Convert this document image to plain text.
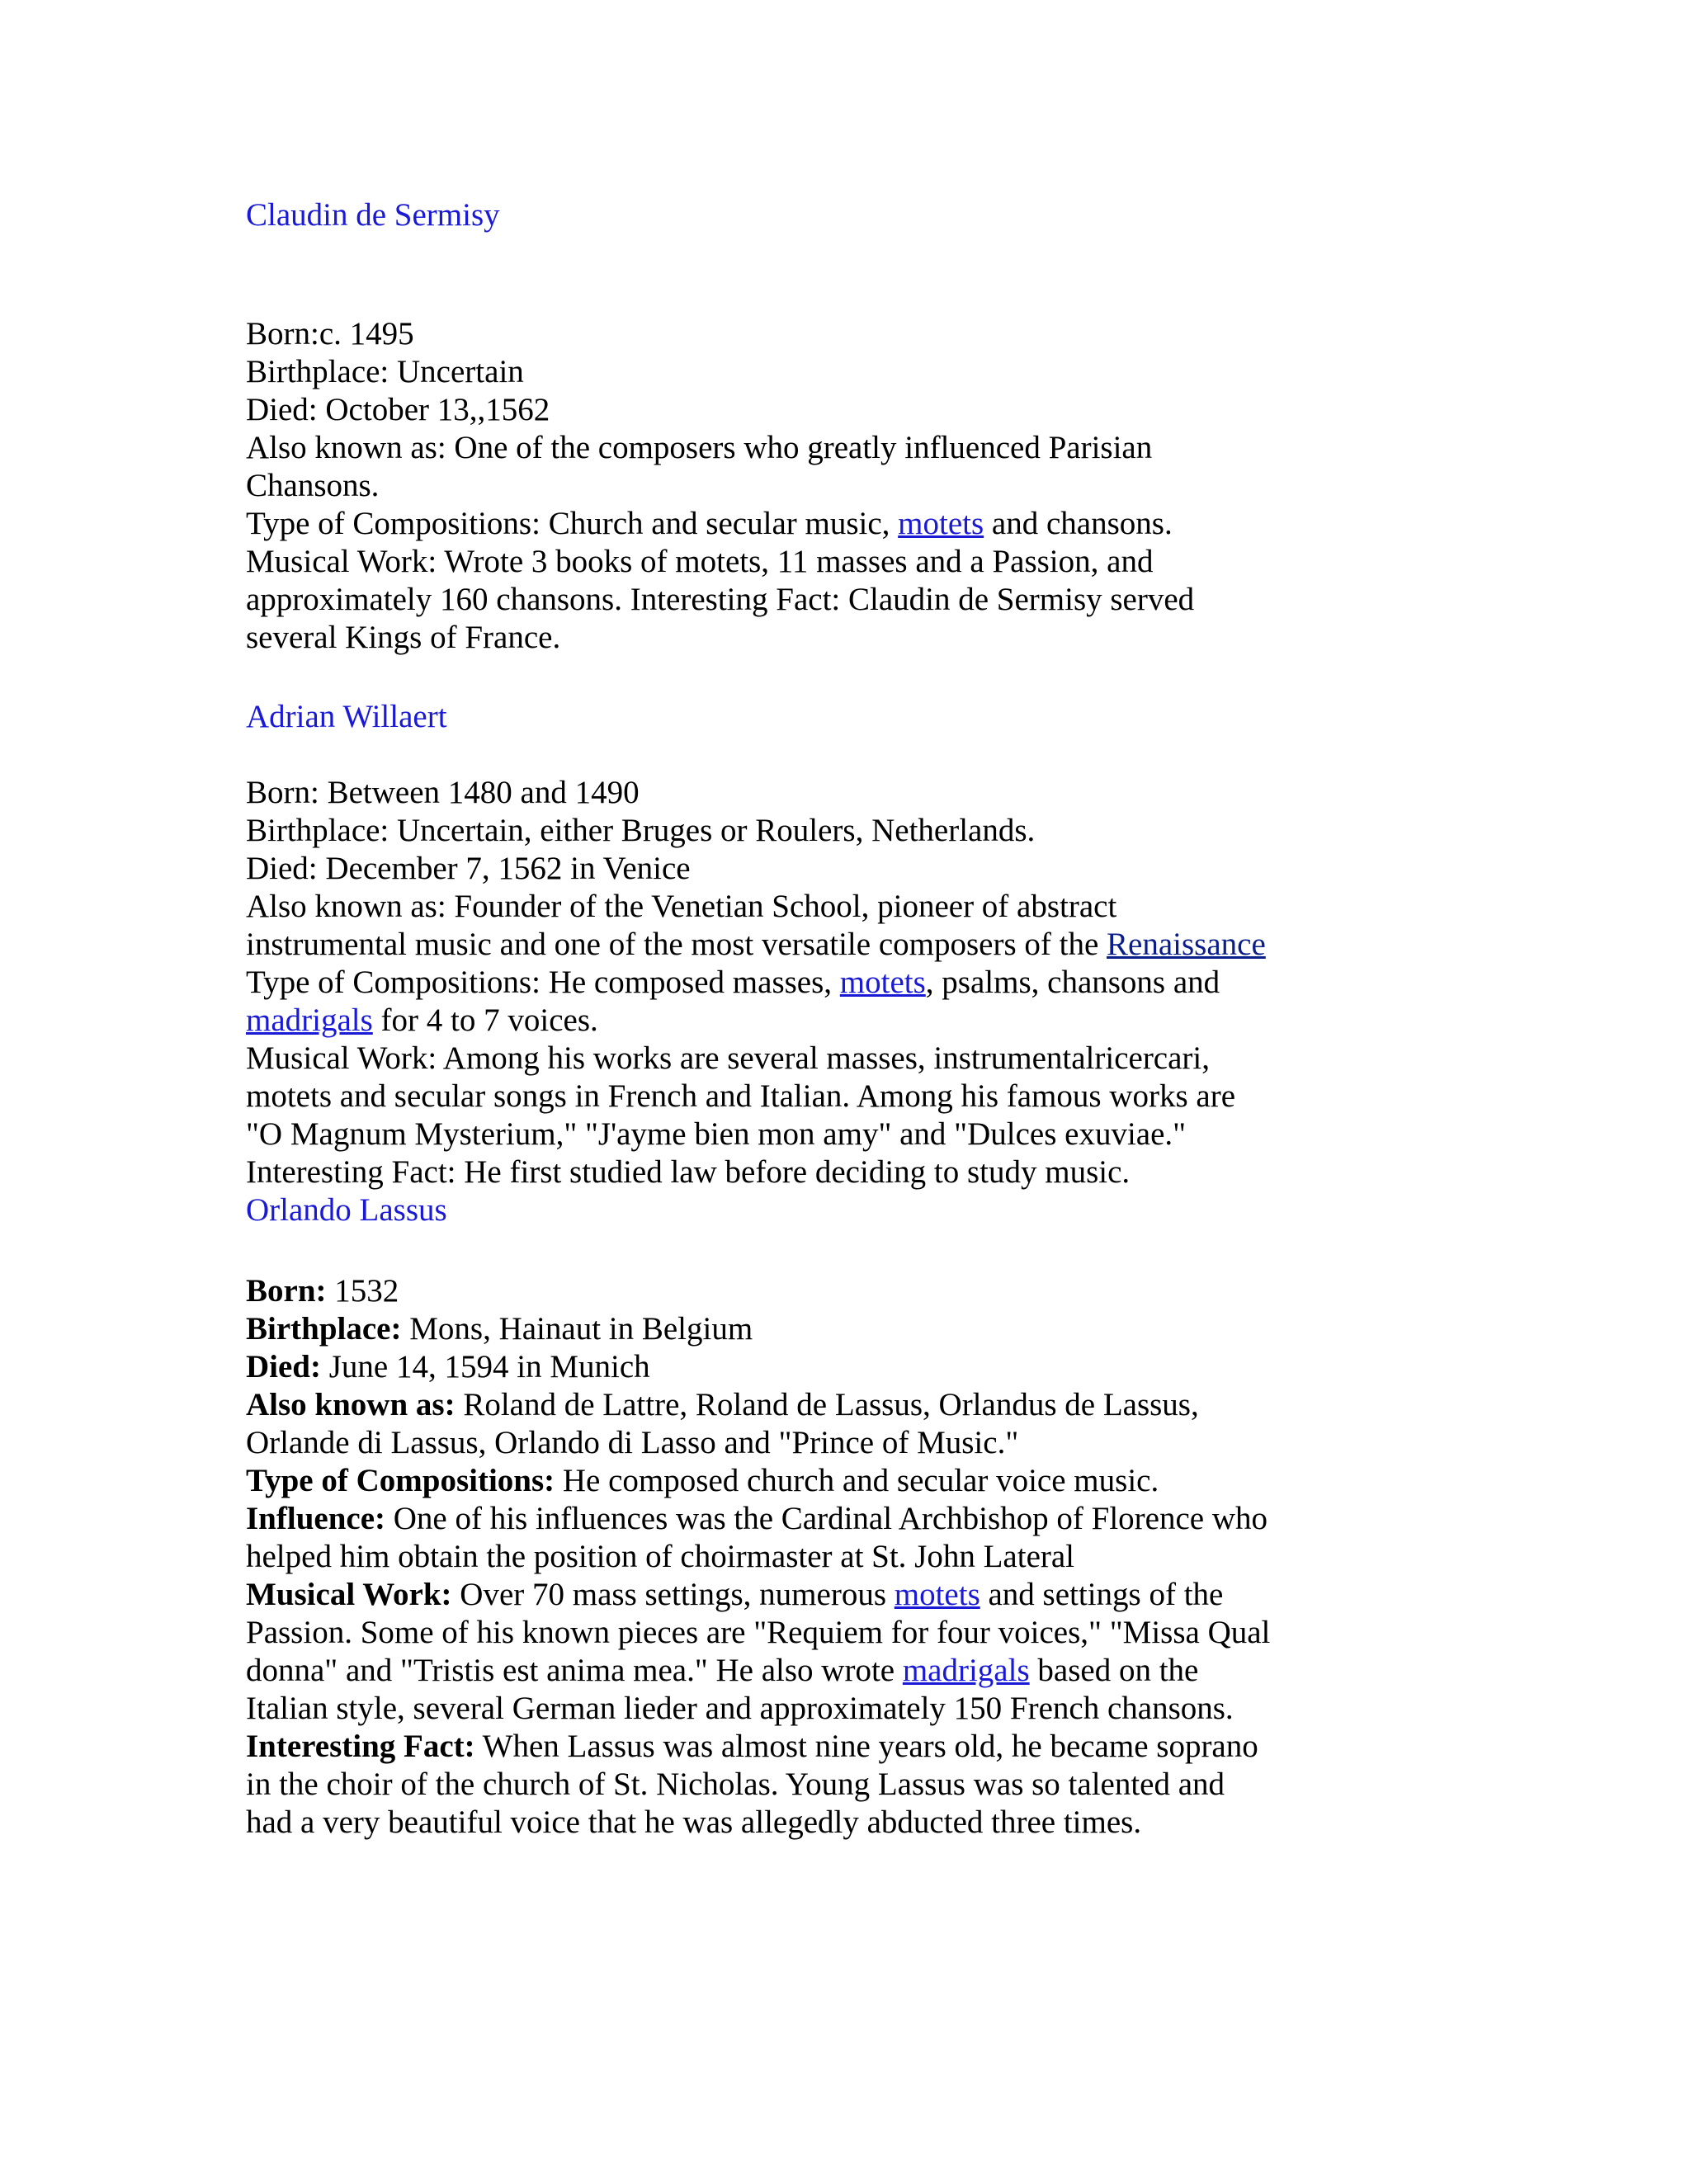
Claudin de Sermisy

Born:c. 1495

Birthplace: Uncertain

Died: October 13,,1562

Also known as: One of the composers who greatly influenced Parisian

Chansons.

Type of Compositions: Church and secular music, motets and chansons.

Musical Work: Wrote 3 books of motets, 11 masses and a Passion, and

approximately 160 chansons. Interesting Fact: Claudin de Sermisy served

several Kings of France.

Adrian Willaert

Born: Between 1480 and 1490

Birthplace: Uncertain, either Bruges or Roulers, Netherlands.

Died: December 7, 1562 in Venice

Also known as: Founder of the Venetian School, pioneer of abstract

instrumental music and one of the most versatile composers of the Renaissance

Type of Compositions: He composed masses, motets, psalms, chansons and

madrigals for 4 to 7 voices.

Musical Work: Among his works are several masses, instrumentalricercari,

motets and secular songs in French and Italian. Among his famous works are

"O Magnum Mysterium," "J'ayme bien mon amy" and "Dulces exuviae."

Interesting Fact: He first studied law before deciding to study music.

Orlando Lassus

Born: 1532

Birthplace: Mons, Hainaut in Belgium

Died: June 14, 1594 in Munich

Also known as: Roland de Lattre, Roland de Lassus, Orlandus de Lassus,

Orlande di Lassus, Orlando di Lasso and "Prince of Music."

Type of Compositions: He composed church and secular voice music.

Influence: One of his influences was the Cardinal Archbishop of Florence who

helped him obtain the position of choirmaster at St. John Lateral

Musical Work: Over 70 mass settings, numerous motets and settings of the

Passion. Some of his known pieces are "Requiem for four voices," "Missa Qual

donna" and "Tristis est anima mea." He also wrote madrigals based on the

Italian style, several German lieder and approximately 150 French chansons.

Interesting Fact: When Lassus was almost nine years old, he became soprano

in the choir of the church of St. Nicholas. Young Lassus was so talented and

had a very beautiful voice that he was allegedly abducted three times.
